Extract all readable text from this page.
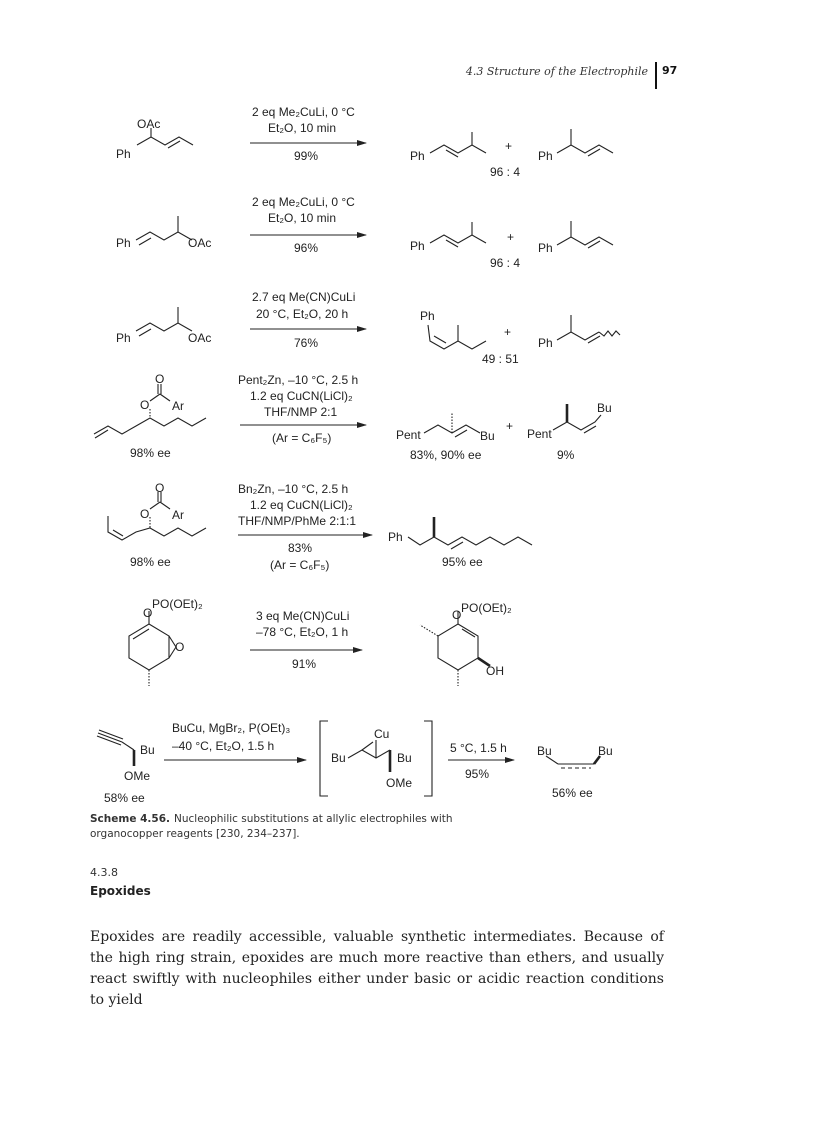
4.3 Structure of the Electrophile 97
OAc
Ph
2 eq Me₂CuLi, 0 °C
Et₂O, 10 min
99%	Ph
+
Ph
96 : 4
Ph	OAc
2 eq Me₂CuLi, 0 °C
Et₂O, 10 min
96%	Ph
+
Ph
96 : 4
Ph	OAc
2.7 eq Me(CN)CuLi
20 °C, Et₂O, 20 h
76%
Ph
+
Ph
49 : 51
O
O Ar
98% ee
Pent₂Zn, –10 °C, 2.5 h
1.2 eq CuCN(LiCl)₂
THF/NMP 2:1
(Ar = C₆F₅)	Pent	Bu
83%, 90% ee
+
Pent
Bu
9%
O
O Ar
98% ee
Bn₂Zn, –10 °C, 2.5 h
1.2 eq CuCN(LiCl)₂
THF/NMP/PhMe 2:1:1
83%
(Ar = C₆F₅)
Ph
95% ee
PO(OEt)₂
O
O
3 eq Me(CN)CuLi
–78 °C, Et₂O, 1 h
91%
PO(OEt)₂
O
OH
Bu
OMe
58% ee
BuCu, MgBr₂, P(OEt)₃
–40 °C, Et₂O, 1.5 h
Cu
Bu	Bu
OMe
5 °C, 1.5 h
95%
Bu	Bu
56% ee
Scheme 4.56. Nucleophilic substitutions at allylic electrophiles with organocopper reagents [230, 234–237].
4.3.8
Epoxides
Epoxides are readily accessible, valuable synthetic intermediates. Because of the high ring strain, epoxides are much more reactive than ethers, and usually react swiftly with nucleophiles either under basic or acidic reaction conditions to yield
